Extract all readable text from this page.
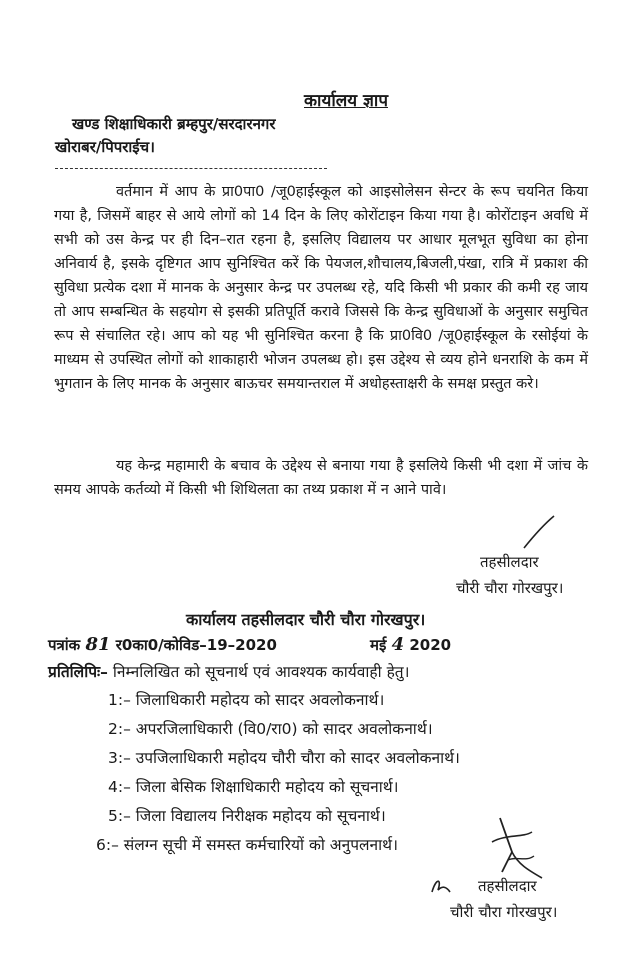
कार्यालय ज्ञाप
खण्ड शिक्षाधिकारी ब्रम्हपुर/सरदारनगर
खोराबर/पिपराईच।
वर्तमान में आप के प्रा0पा0 /जू0हाईस्कूल को आइसोलेसन सेन्टर के रूप चयनित किया गया है, जिसमें बाहर से आये लोगों को 14 दिन के लिए कोरोंटाइन किया गया है। कोरोंटाइन अवधि में सभी को उस केन्द्र पर ही दिन–रात रहना है, इसलिए विद्यालय पर आधार मूलभूत सुविधा का होना अनिवार्य है, इसके दृष्टिगत आप सुनिश्चित करें कि पेयजल,शौचालय,बिजली,पंखा, रात्रि में प्रकाश की सुविधा प्रत्येक दशा में मानक के अनुसार केन्द्र पर उपलब्ध रहे, यदि किसी भी प्रकार की कमी रह जाय तो आप सम्बन्धित के सहयोग से इसकी प्रतिपूर्ति करावे जिससे कि केन्द्र सुविधाओं के अनुसार समुचित रूप से संचालित रहे। आप को यह भी सुनिश्चित करना है कि प्रा0वि0 /जू0हाईस्कूल के रसोईयां के माध्यम से उपस्थित लोगों को शाकाहारी भोजन उपलब्ध हो। इस उद्देश्य से व्यय होने धनराशि के कम में भुगतान के लिए मानक के अनुसार बाऊचर समयान्तराल में अधोहस्ताक्षरी के समक्ष प्रस्तुत करे।
यह केन्द्र महामारी के बचाव के उद्देश्य से बनाया गया है इसलिये किसी भी दशा में जांच के समय आपके कर्तव्यो में किसी भी शिथिलता का तथ्य प्रकाश में न आने पावे।
तहसीलदार
चौरी चौरा गोरखपुर।
कार्यालय तहसीलदार चौरी चौरा गोरखपुर।
पत्रांक 81 र0का0/कोविड–19–2020	मई 4 2020
प्रतिलिपिः– निम्नलिखित को सूचनार्थ एवं आवश्यक कार्यवाही हेतु।
1:– जिलाधिकारी महोदय को सादर अवलोकनार्थ।
2:– अपरजिलाधिकारी (वि0/रा0) को सादर अवलोकनार्थ।
3:– उपजिलाधिकारी महोदय चौरी चौरा को सादर अवलोकनार्थ।
4:– जिला बेसिक शिक्षाधिकारी महोदय को सूचनार्थ।
5:– जिला विद्यालय निरीक्षक महोदय को सूचनार्थ।
6:– संलग्न सूची में समस्त कर्मचारियों को अनुपलनार्थ।
तहसीलदार
चौरी चौरा गोरखपुर।
